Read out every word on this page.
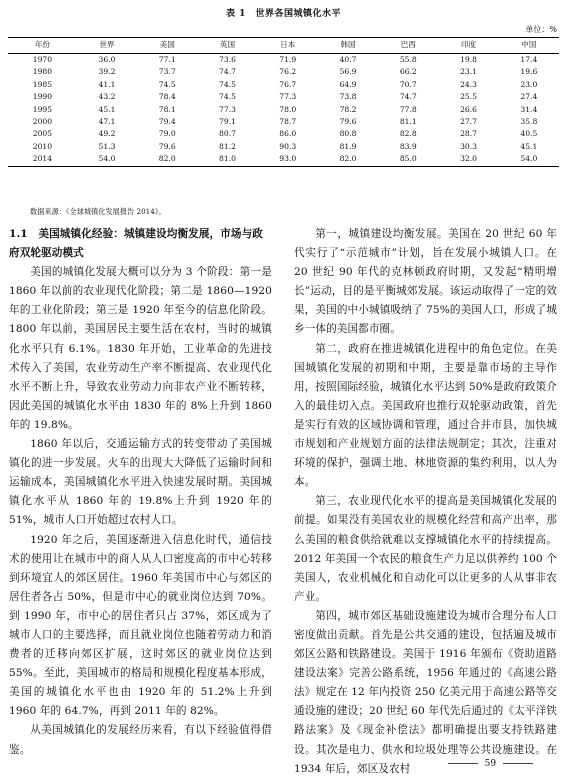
表 1　世界各国城镇化水平
单位：%
年份	世界	美国	英国	日本	韩国	巴西	印度	中国
1970	36.0	77.1	73.6	71.9	40.7	55.8	19.8	17.4
1980	39.2	73.7	74.7	76.2	56.9	66.2	23.1	19.6
1985	41.1	74.5	74.5	76.7	64.9	70.7	24.3	23.0
1990	43.2	78.4	74.5	77.3	73.8	74.7	25.5	27.4
1995	45.1	78.1	77.3	78.0	78.2	77.8	26.6	31.4
2000	47.1	79.4	79.1	78.7	79.6	81.1	27.7	35.8
2005	49.2	79.0	80.7	86.0	80.8	82.8	28.7	40.5
2010	51.3	79.6	81.2	90.3	81.9	83.9	30.3	45.1
2014	54.0	82.0	81.0	93.0	82.0	85.0	32.0	54.0
数据来源：《全球城镇化发展报告 2014》。
1.1　美国城镇化经验：城镇建设均衡发展，市场与政府双轮驱动模式

美国的城镇化发展大概可以分为 3 个阶段：第一是 1860 年以前的农业现代化阶段；第二是 1860—1920 年的工业化阶段；第三是 1920 年至今的信息化阶段。1800 年以前，美国居民主要生活在农村，当时的城镇化水平只有 6.1%。1830 年开始，工业革命的先进技术传入了美国，农业劳动生产率不断提高、农业现代化水平不断上升，导致农业劳动力向非农产业不断转移，因此美国的城镇化水平由 1830 年的 8%上升到 1860 年的 19.8%。

1860 年以后，交通运输方式的转变带动了美国城镇化的进一步发展。火车的出现大大降低了运输时间和运输成本，美国城镇化水平进入快速发展时期。美国城镇化水平从 1860 年的 19.8%上升到 1920 年的 51%，城市人口开始超过农村人口。

1920 年之后，美国逐渐进入信息化时代，通信技术的使用让在城市中的商人从人口密度高的市中心转移到环境宜人的郊区居住。1960 年美国市中心与郊区的居住者各占 50%，但是市中心的就业岗位达到 70%。到 1990 年，市中心的居住者只占 37%，郊区成为了城市人口的主要选择，而且就业岗位也随着劳动力和消费者的迁移向郊区扩展，这时郊区的就业岗位达到 55%。至此，美国城市的格局和规模化程度基本形成，美国的城镇化水平也由 1920 年的 51.2%上升到 1960 年的 64.7%，再到 2011 年的 82%。

从美国城镇化的发展经历来看，有以下经验值得借鉴。

第一，城镇建设均衡发展。美国在 20 世纪 60 年代实行了“示范城市”计划，旨在发展小城镇人口。在 20 世纪 90 年代的克林顿政府时期，又发起“精明增长”运动，目的是平衡城郊发展。该运动取得了一定的效果，美国的中小城镇吸纳了 75%的美国人口，形成了城乡一体的美国都市圈。

第二，政府在推进城镇化进程中的角色定位。在美国城镇化发展的初期和中期，主要是靠市场的主导作用，按照国际经验，城镇化水平达到 50%是政府政策介入的最佳切入点。美国政府也推行双轮驱动政策，首先是实行有效的区域协调和管理，通过合并市县，加快城市规划和产业规划方面的法律法规制定；其次，注重对环境的保护，强调土地、林地资源的集约利用，以人为本。

第三，农业现代化水平的提高是美国城镇化发展的前提。如果没有美国农业的规模化经营和高产出率，那么美国的粮食供给就难以支撑城镇化水平的持续提高。2012 年美国一个农民的粮食生产力足以供养约 100 个美国人，农业机械化和自动化可以让更多的人从事非农产业。

第四，城市郊区基础设施建设为城市合理分布人口密度做出贡献。首先是公共交通的建设，包括遍及城市郊区公路和铁路建设。美国于 1916 年颁布《资助道路建设法案》完善公路系统，1956 年通过的《高速公路法》规定在 12 年内投资 250 亿美元用于高速公路等交通设施的建设；20 世纪 60 年代先后通过的《太平洋铁路法案》及《现金补偿法》都明确提出要支持铁路建设。其次是电力、供水和垃圾处理等公共设施建设。在 1934 年后，郊区及农村	59
